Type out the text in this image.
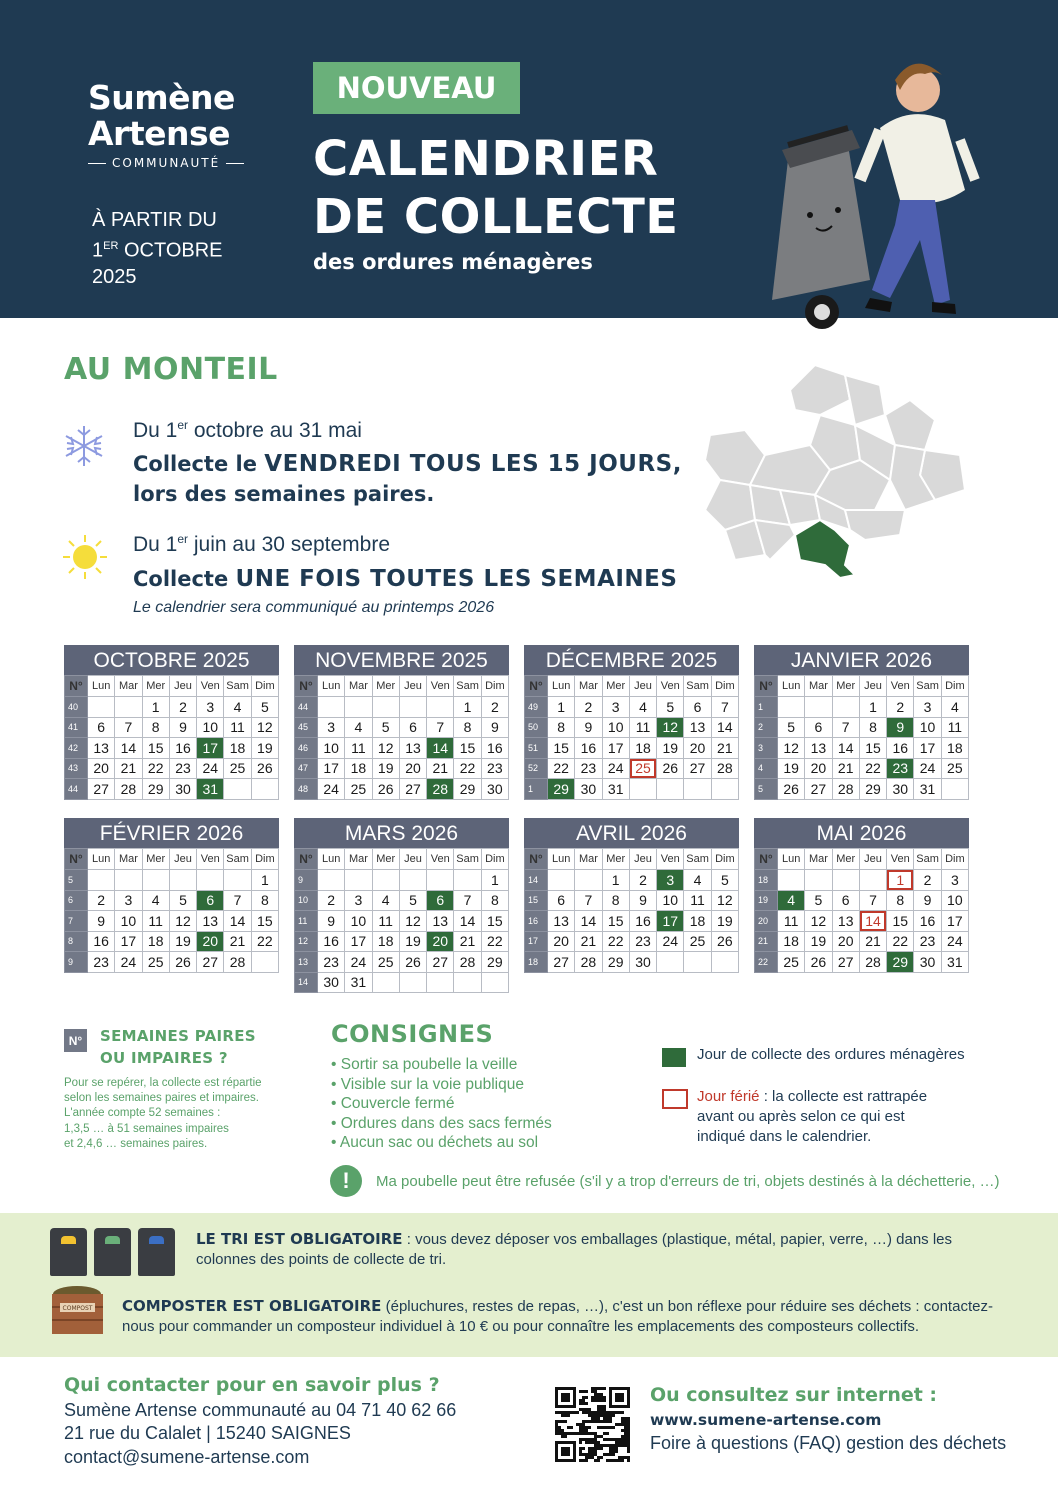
Sumène
Artense
COMMUNAUTÉ
À PARTIR DU
1ER OCTOBRE
2025
NOUVEAU
CALENDRIER
DE COLLECTE
des ordures ménagères
AU MONTEIL
Du 1er octobre au 31 mai
Collecte le VENDREDI TOUS LES 15 JOURS,
lors des semaines paires.
Du 1er juin au 30 septembre
Collecte UNE FOIS TOUTES LES SEMAINES
Le calendrier sera communiqué au printemps 2026
OCTOBRE 2025
N°	Lun	Mar	Mer	Jeu	Ven	Sam	Dim
40			1	2	3	4	5
41	6	7	8	9	10	11	12
42	13	14	15	16	17	18	19
43	20	21	22	23	24	25	26
44	27	28	29	30	31		
NOVEMBRE 2025
N°	Lun	Mar	Mer	Jeu	Ven	Sam	Dim
44						1	2
45	3	4	5	6	7	8	9
46	10	11	12	13	14	15	16
47	17	18	19	20	21	22	23
48	24	25	26	27	28	29	30
DÉCEMBRE 2025
N°	Lun	Mar	Mer	Jeu	Ven	Sam	Dim
49	1	2	3	4	5	6	7
50	8	9	10	11	12	13	14
51	15	16	17	18	19	20	21
52	22	23	24	25	26	27	28
1	29	30	31				
JANVIER 2026
N°	Lun	Mar	Mer	Jeu	Ven	Sam	Dim
1				1	2	3	4
2	5	6	7	8	9	10	11
3	12	13	14	15	16	17	18
4	19	20	21	22	23	24	25
5	26	27	28	29	30	31	
FÉVRIER 2026
N°	Lun	Mar	Mer	Jeu	Ven	Sam	Dim
5							1
6	2	3	4	5	6	7	8
7	9	10	11	12	13	14	15
8	16	17	18	19	20	21	22
9	23	24	25	26	27	28	
MARS 2026
N°	Lun	Mar	Mer	Jeu	Ven	Sam	Dim
9							1
10	2	3	4	5	6	7	8
11	9	10	11	12	13	14	15
12	16	17	18	19	20	21	22
13	23	24	25	26	27	28	29
14	30	31					
AVRIL 2026
N°	Lun	Mar	Mer	Jeu	Ven	Sam	Dim
14			1	2	3	4	5
15	6	7	8	9	10	11	12
16	13	14	15	16	17	18	19
17	20	21	22	23	24	25	26
18	27	28	29	30			
MAI 2026
N°	Lun	Mar	Mer	Jeu	Ven	Sam	Dim
18					1	2	3
19	4	5	6	7	8	9	10
20	11	12	13	14	15	16	17
21	18	19	20	21	22	23	24
22	25	26	27	28	29	30	31
N°	SEMAINES PAIRES
OU IMPAIRES ?
Pour se repérer, la collecte est répartie
selon les semaines paires et impaires.
L'année compte 52 semaines :
1,3,5 … à 51 semaines impaires
et 2,4,6 … semaines paires.
CONSIGNES
• Sortir sa poubelle la veille
• Visible sur la voie publique
• Couvercle fermé
• Ordures dans des sacs fermés
• Aucun sac ou déchets au sol
Jour de collecte des ordures ménagères
Jour férié : la collecte est rattrapée
avant ou après selon ce qui est
indiqué dans le calendrier.
!	Ma poubelle peut être refusée (s'il y a trop d'erreurs de tri, objets destinés à la déchetterie, …)
COMPOST
LE TRI EST OBLIGATOIRE : vous devez déposer vos emballages (plastique, métal, papier, verre, …) dans les colonnes des points de collecte de tri.
COMPOSTER EST OBLIGATOIRE (épluchures, restes de repas, …), c'est un bon réflexe pour réduire ses déchets : contactez-nous pour commander un composteur individuel à 10 € ou pour connaître les emplacements des composteurs collectifs.
Qui contacter pour en savoir plus ?
Sumène Artense communauté au 04 71 40 62 66
21 rue du Calalet | 15240 SAIGNES
contact@sumene-artense.com
Ou consultez sur internet :
www.sumene-artense.com
Foire à questions (FAQ) gestion des déchets
